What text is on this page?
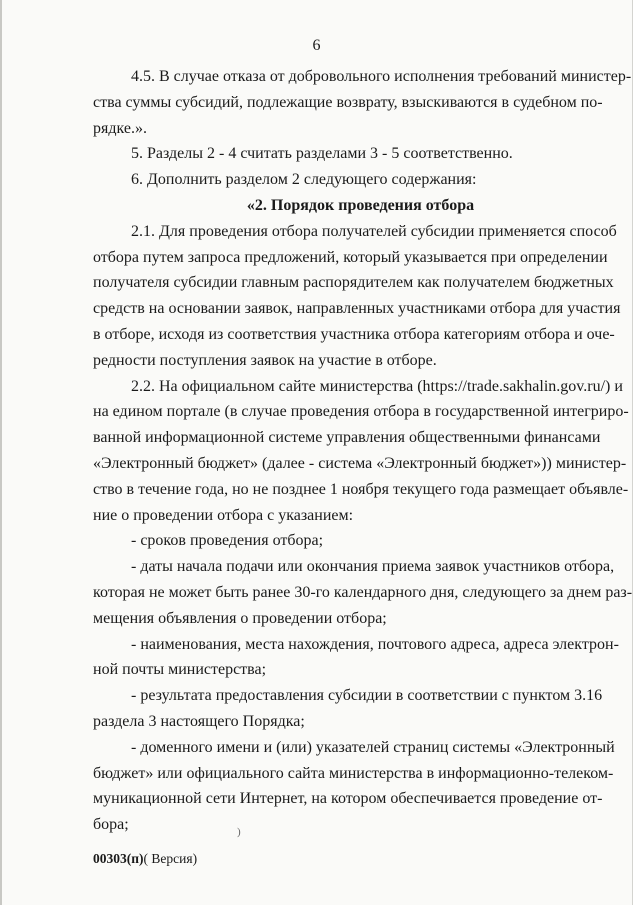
6
4.5. В случае отказа от добровольного исполнения требований министер-
ства суммы субсидий, подлежащие возврату, взыскиваются в судебном по-
рядке.».
5. Разделы 2 - 4 считать разделами 3 - 5 соответственно.
6. Дополнить разделом 2 следующего содержания:
«2. Порядок проведения отбора
2.1. Для проведения отбора получателей субсидии применяется способ
отбора путем запроса предложений, который указывается при определении
получателя субсидии главным распорядителем как получателем бюджетных
средств на основании заявок, направленных участниками отбора для участия
в отборе, исходя из соответствия участника отбора категориям отбора и оче-
редности поступления заявок на участие в отборе.
2.2. На официальном сайте министерства (https://trade.sakhalin.gov.ru/) и
на едином портале (в случае проведения отбора в государственной интегриро-
ванной информационной системе управления общественными финансами
«Электронный бюджет» (далее - система «Электронный бюджет»)) министер-
ство в течение года, но не позднее 1 ноября текущего года размещает объявле-
ние о проведении отбора с указанием:
- сроков проведения отбора;
- даты начала подачи или окончания приема заявок участников отбора,
которая не может быть ранее 30-го календарного дня, следующего за днем раз-
мещения объявления о проведении отбора;
- наименования, места нахождения, почтового адреса, адреса электрон-
ной почты министерства;
- результата предоставления субсидии в соответствии с пунктом 3.16
раздела 3 настоящего Порядка;
- доменного имени и (или) указателей страниц системы «Электронный
бюджет» или официального сайта министерства в информационно-телеком-
муникационной сети Интернет, на котором обеспечивается проведение от-
бора;	)
00303(п)( Версия)
